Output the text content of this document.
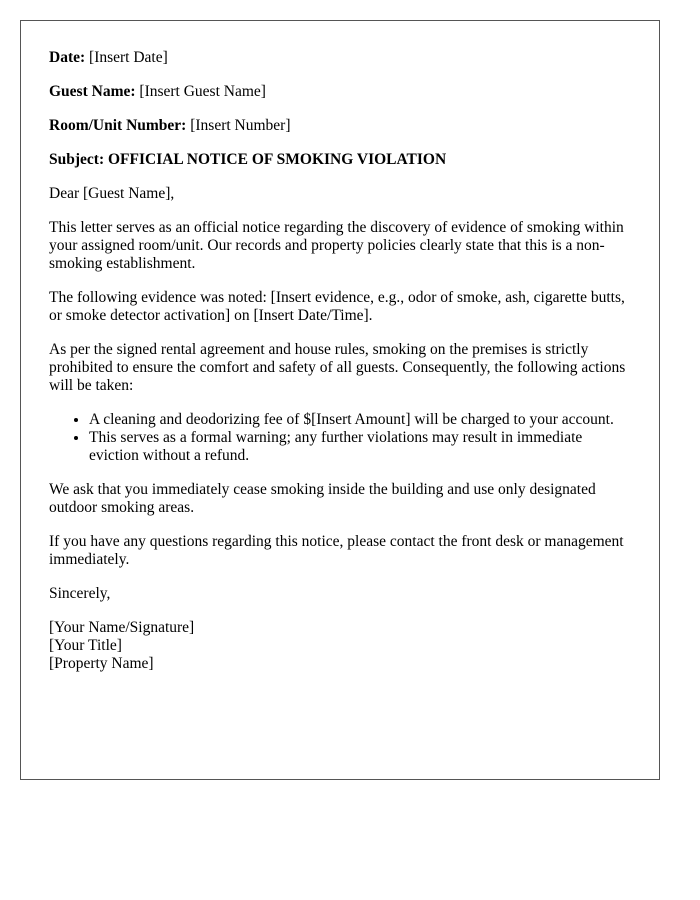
Date: [Insert Date]
Guest Name: [Insert Guest Name]
Room/Unit Number: [Insert Number]
Subject: OFFICIAL NOTICE OF SMOKING VIOLATION

Dear [Guest Name],

This letter serves as an official notice regarding the discovery of evidence of smoking within your assigned room/unit. Our records and property policies clearly state that this is a non-smoking establishment.

The following evidence was noted: [Insert evidence, e.g., odor of smoke, ash, cigarette butts, or smoke detector activation] on [Insert Date/Time].

As per the signed rental agreement and house rules, smoking on the premises is strictly prohibited to ensure the comfort and safety of all guests. Consequently, the following actions will be taken:

• A cleaning and deodorizing fee of $[Insert Amount] will be charged to your account.
• This serves as a formal warning; any further violations may result in immediate eviction without a refund.

We ask that you immediately cease smoking inside the building and use only designated outdoor smoking areas.

If you have any questions regarding this notice, please contact the front desk or management immediately.

Sincerely,

[Your Name/Signature]
[Your Title]
[Property Name]
